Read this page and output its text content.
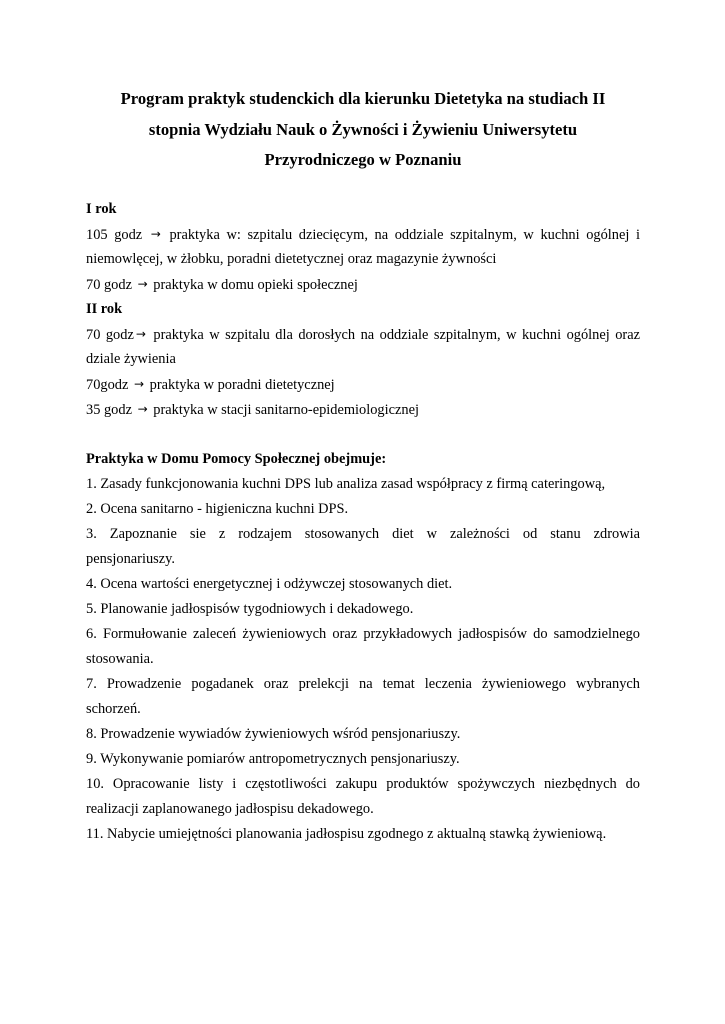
Program praktyk studenckich dla kierunku Dietetyka na studiach II
stopnia Wydziału Nauk o Żywności i Żywieniu Uniwersytetu
Przyrodniczego w Poznaniu
I rok
105 godz → praktyka w: szpitalu dziecięcym, na oddziale szpitalnym, w kuchni ogólnej i
niemowlęcej, w żłobku, poradni dietetycznej oraz magazynie żywności
70 godz → praktyka w domu opieki społecznej
II rok
70 godz → praktyka w szpitalu dla dorosłych na oddziale szpitalnym, w kuchni ogólnej oraz
dziale żywienia
70godz → praktyka w poradni dietetycznej
35 godz → praktyka w stacji sanitarno-epidemiologicznej
Praktyka w Domu Pomocy Społecznej obejmuje:
1. Zasady funkcjonowania kuchni DPS lub analiza zasad współpracy z firmą cateringową,
2. Ocena sanitarno - higieniczna kuchni DPS.
3. Zapoznanie sie z rodzajem stosowanych diet w zależności od stanu zdrowia
pensjonariuszy.
4. Ocena wartości energetycznej i odżywczej stosowanych diet.
5. Planowanie jadłospisów tygodniowych i dekadowego.
6. Formułowanie zaleceń żywieniowych oraz przykładowych jadłospisów do samodzielnego
stosowania.
7. Prowadzenie pogadanek oraz prelekcji na temat leczenia żywieniowego wybranych
schorzeń.
8. Prowadzenie wywiadów żywieniowych wśród pensjonariuszy.
9. Wykonywanie pomiarów antropometrycznych pensjonariuszy.
10. Opracowanie listy i częstotliwości zakupu produktów spożywczych niezbędnych do
realizacji zaplanowanego jadłospisu dekadowego.
11. Nabycie umiejętności planowania jadłospisu zgodnego z aktualną stawką żywieniową.
